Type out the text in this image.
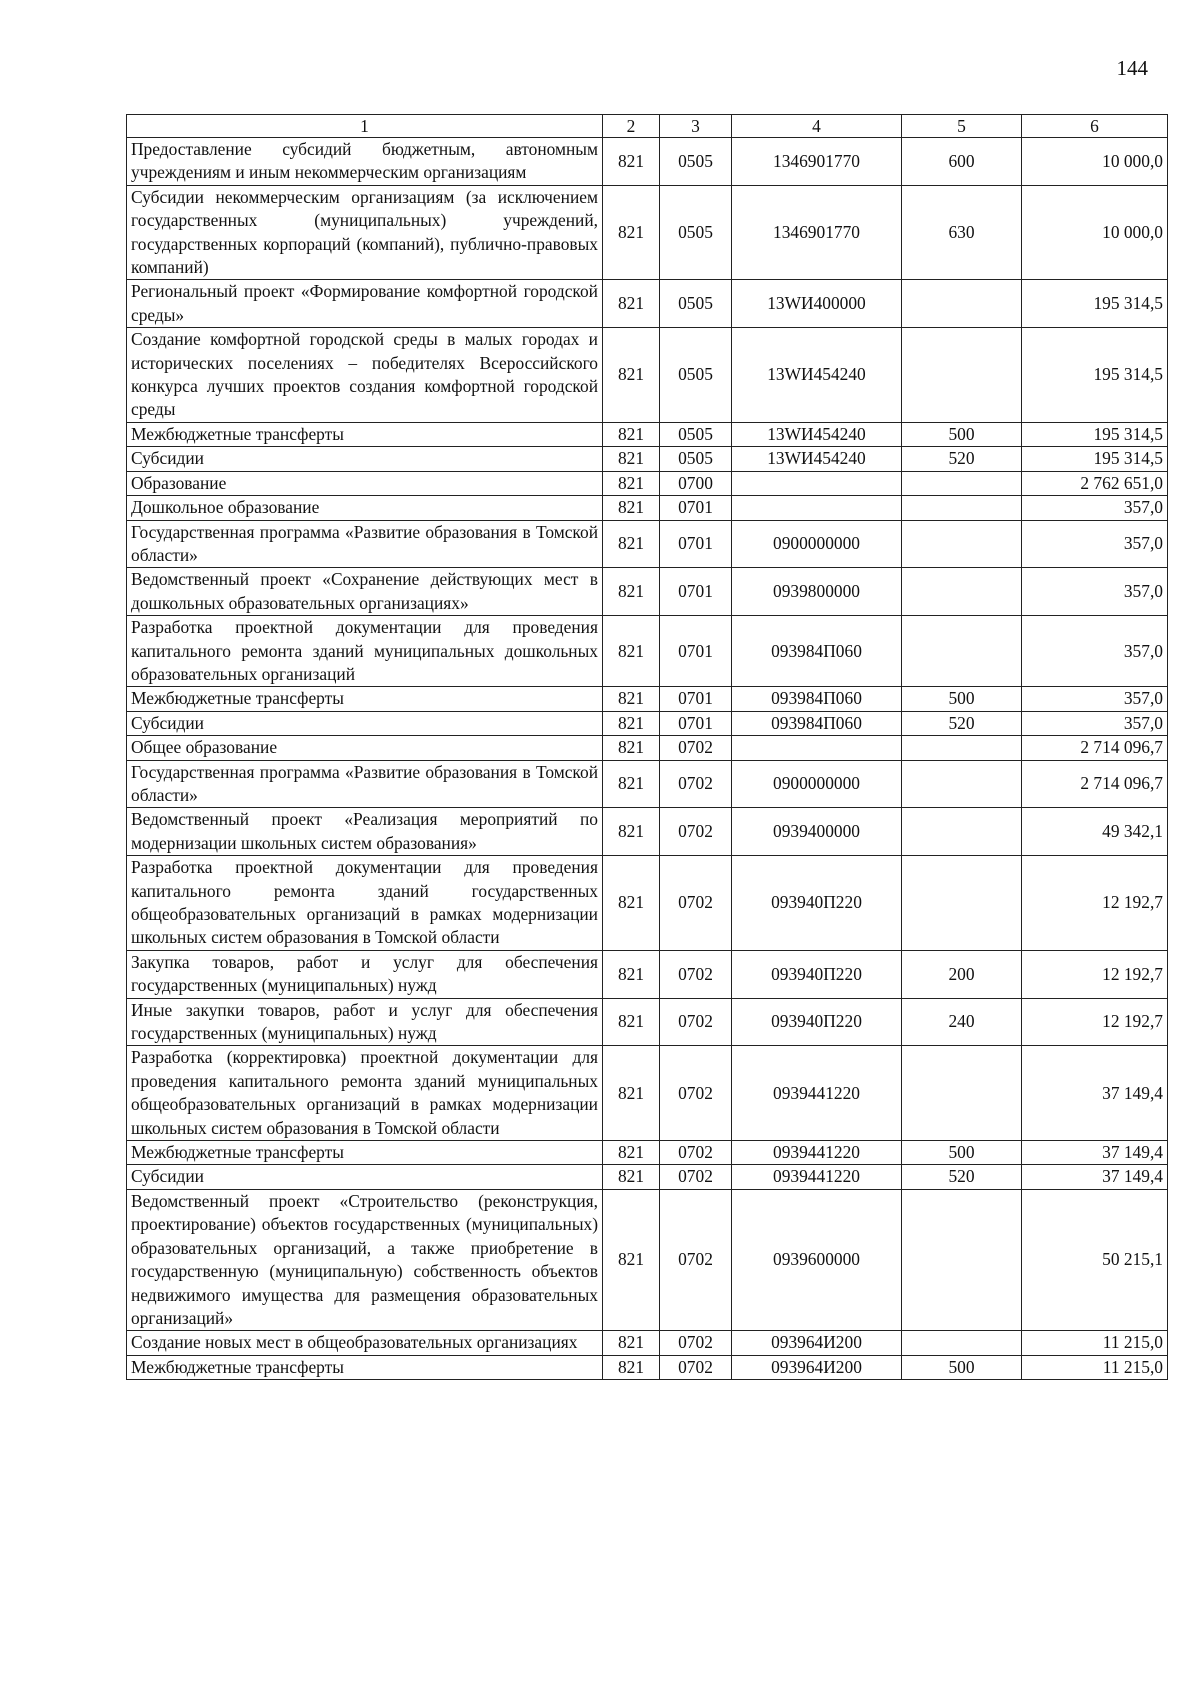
144
1	2	3	4	5	6
Предоставление субсидий бюджетным, автономным учреждениям и иным некоммерческим организациям	821	0505	1346901770	600	10 000,0
Субсидии некоммерческим организациям (за исключением государственных (муниципальных) учреждений, государственных корпораций (компаний), публично-правовых компаний)	821	0505	1346901770	630	10 000,0
Региональный проект «Формирование комфортной городской среды»	821	0505	13WИ400000		195 314,5
Создание комфортной городской среды в малых городах и исторических поселениях – победителях Всероссийского конкурса лучших проектов создания комфортной городской среды	821	0505	13WИ454240		195 314,5
Межбюджетные трансферты	821	0505	13WИ454240	500	195 314,5
Субсидии	821	0505	13WИ454240	520	195 314,5
Образование	821	0700			2 762 651,0
Дошкольное образование	821	0701			357,0
Государственная программа «Развитие образования в Томской области»	821	0701	0900000000		357,0
Ведомственный проект «Сохранение действующих мест в дошкольных образовательных организациях»	821	0701	0939800000		357,0
Разработка проектной документации для проведения капитального ремонта зданий муниципальных дошкольных образовательных организаций	821	0701	093984П060		357,0
Межбюджетные трансферты	821	0701	093984П060	500	357,0
Субсидии	821	0701	093984П060	520	357,0
Общее образование	821	0702			2 714 096,7
Государственная программа «Развитие образования в Томской области»	821	0702	0900000000		2 714 096,7
Ведомственный проект «Реализация мероприятий по модернизации школьных систем образования»	821	0702	0939400000		49 342,1
Разработка проектной документации для проведения капитального ремонта зданий государственных общеобразовательных организаций в рамках модернизации школьных систем образования в Томской области	821	0702	093940П220		12 192,7
Закупка товаров, работ и услуг для обеспечения государственных (муниципальных) нужд	821	0702	093940П220	200	12 192,7
Иные закупки товаров, работ и услуг для обеспечения государственных (муниципальных) нужд	821	0702	093940П220	240	12 192,7
Разработка (корректировка) проектной документации для проведения капитального ремонта зданий муниципальных общеобразовательных организаций в рамках модернизации школьных систем образования в Томской области	821	0702	0939441220		37 149,4
Межбюджетные трансферты	821	0702	0939441220	500	37 149,4
Субсидии	821	0702	0939441220	520	37 149,4
Ведомственный проект «Строительство (реконструкция, проектирование) объектов государственных (муниципальных) образовательных организаций, а также приобретение в государственную (муниципальную) собственность объектов недвижимого имущества для размещения образовательных организаций»	821	0702	0939600000		50 215,1
Создание новых мест в общеобразовательных организациях	821	0702	093964И200		11 215,0
Межбюджетные трансферты	821	0702	093964И200	500	11 215,0
